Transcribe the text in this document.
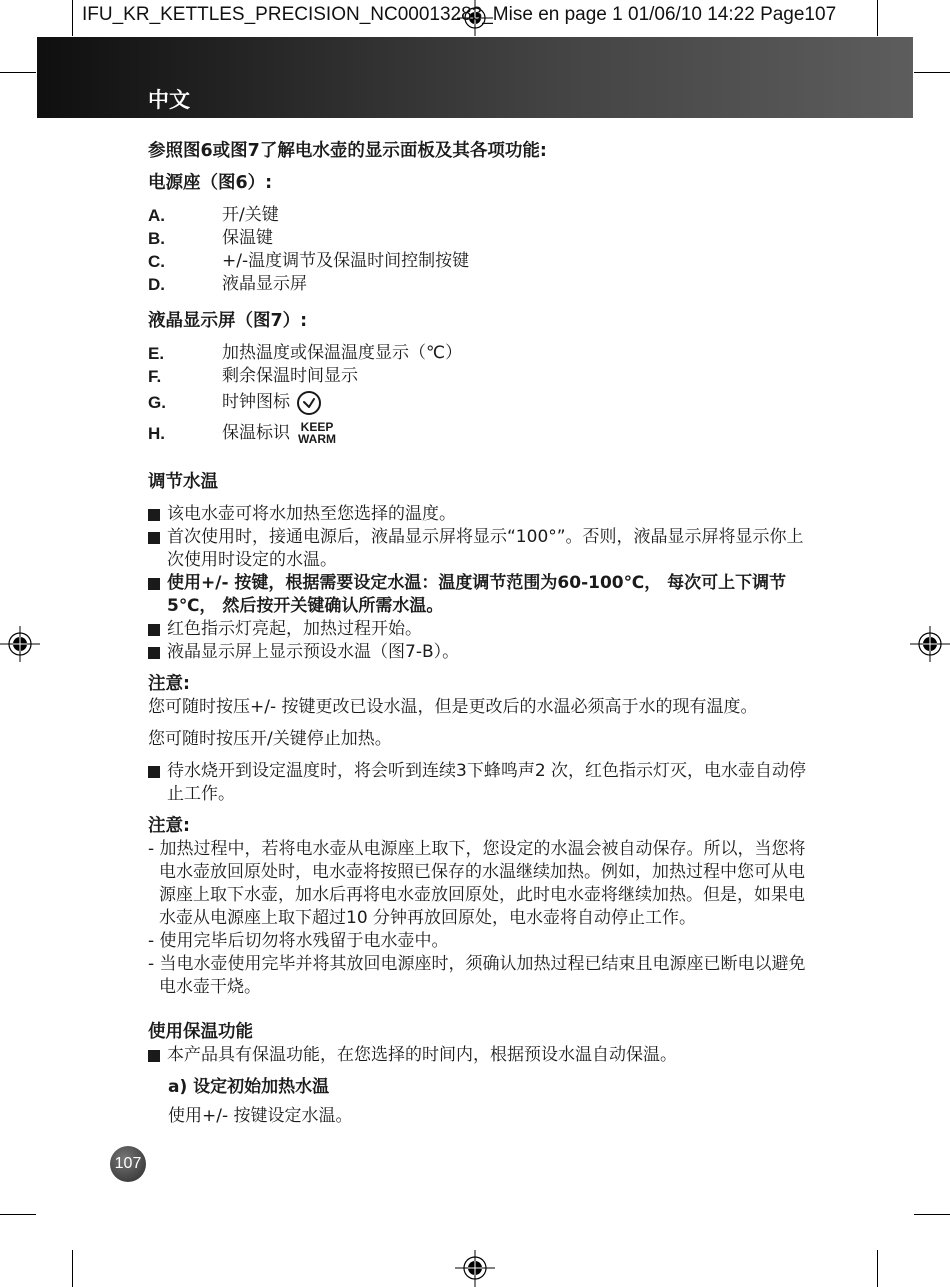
IFU_KR_KETTLES_PRECISION_NC00013283_Mise en page 1 01/06/10 14:22 Page107
中文
参照图6或图7了解电水壶的显示面板及其各项功能:
电源座（图6）:
A.	开/关键
B.	保温键
C.	+/-温度调节及保温时间控制按键
D.	液晶显示屏
液晶显示屏（图7）:
E.	加热温度或保温温度显示（℃）
F.	剩余保温时间显示
G.	时钟图标
H.	保温标识 KEEP
WARM
调节水温
该电水壶可将水加热至您选择的温度。
首次使用时，接通电源后，液晶显示屏将显示“100°”。否则，液晶显示屏将显示你上次使用时设定的水温。
使用+/- 按键，根据需要设定水温：温度调节范围为60-100℃， 每次可上下调节5℃， 然后按开关键确认所需水温。
红色指示灯亮起，加热过程开始。
液晶显示屏上显示预设水温（图7-B）。
注意:
您可随时按压+/- 按键更改已设水温，但是更改后的水温必须高于水的现有温度。
您可随时按压开/关键停止加热。
待水烧开到设定温度时，将会听到连续3下蜂鸣声2 次，红色指示灯灭，电水壶自动停止工作。
注意:
- 加热过程中，若将电水壶从电源座上取下，您设定的水温会被自动保存。所以，当您将电水壶放回原处时，电水壶将按照已保存的水温继续加热。例如，加热过程中您可从电源座上取下水壶，加水后再将电水壶放回原处，此时电水壶将继续加热。但是，如果电水壶从电源座上取下超过10 分钟再放回原处，电水壶将自动停止工作。
- 使用完毕后切勿将水残留于电水壶中。
- 当电水壶使用完毕并将其放回电源座时，须确认加热过程已结束且电源座已断电以避免电水壶干烧。
使用保温功能
本产品具有保温功能，在您选择的时间内，根据预设水温自动保温。
a) 设定初始加热水温
使用+/- 按键设定水温。
107
